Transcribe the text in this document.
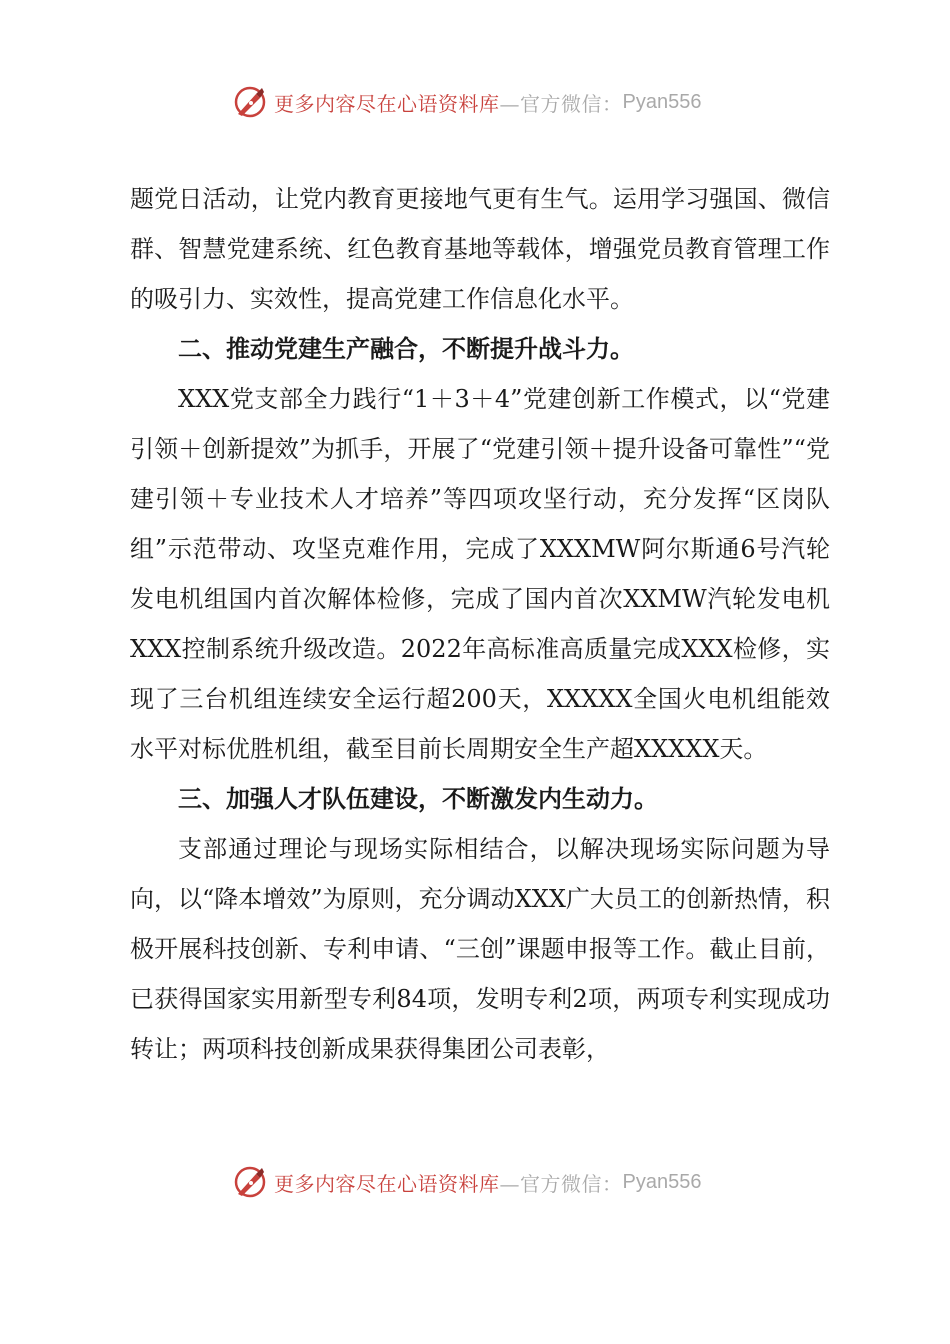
更多内容尽在心语资料库 —官方微信： Pyan556

题党日活动，让党内教育更接地气更有生气。运用学习强国、微信群、智慧党建系统、红色教育基地等载体，增强党员教育管理工作的吸引力、实效性，提高党建工作信息化水平。

二、推动党建生产融合，不断提升战斗力。

XXX党支部全力践行“1＋3＋4”党建创新工作模式，以“党建引领＋创新提效”为抓手，开展了“党建引领＋提升设备可靠性”“党建引领＋专业技术人才培养”等四项攻坚行动，充分发挥“区岗队组”示范带动、攻坚克难作用，完成了XXXMW阿尔斯通6号汽轮发电机组国内首次解体检修，完成了国内首次XXMW汽轮发电机XXX控制系统升级改造。2022年高标准高质量完成XXX检修，实现了三台机组连续安全运行超200天，XXXXX全国火电机组能效水平对标优胜机组，截至目前长周期安全生产超XXXXX天。

三、加强人才队伍建设，不断激发内生动力。

支部通过理论与现场实际相结合，以解决现场实际问题为导向，以“降本增效”为原则，充分调动XXX广大员工的创新热情，积极开展科技创新、专利申请、“三创”课题申报等工作。截止目前，已获得国家实用新型专利84项，发明专利2项，两项专利实现成功转让；两项科技创新成果获得集团公司表彰，

更多内容尽在心语资料库 —官方微信： Pyan556
